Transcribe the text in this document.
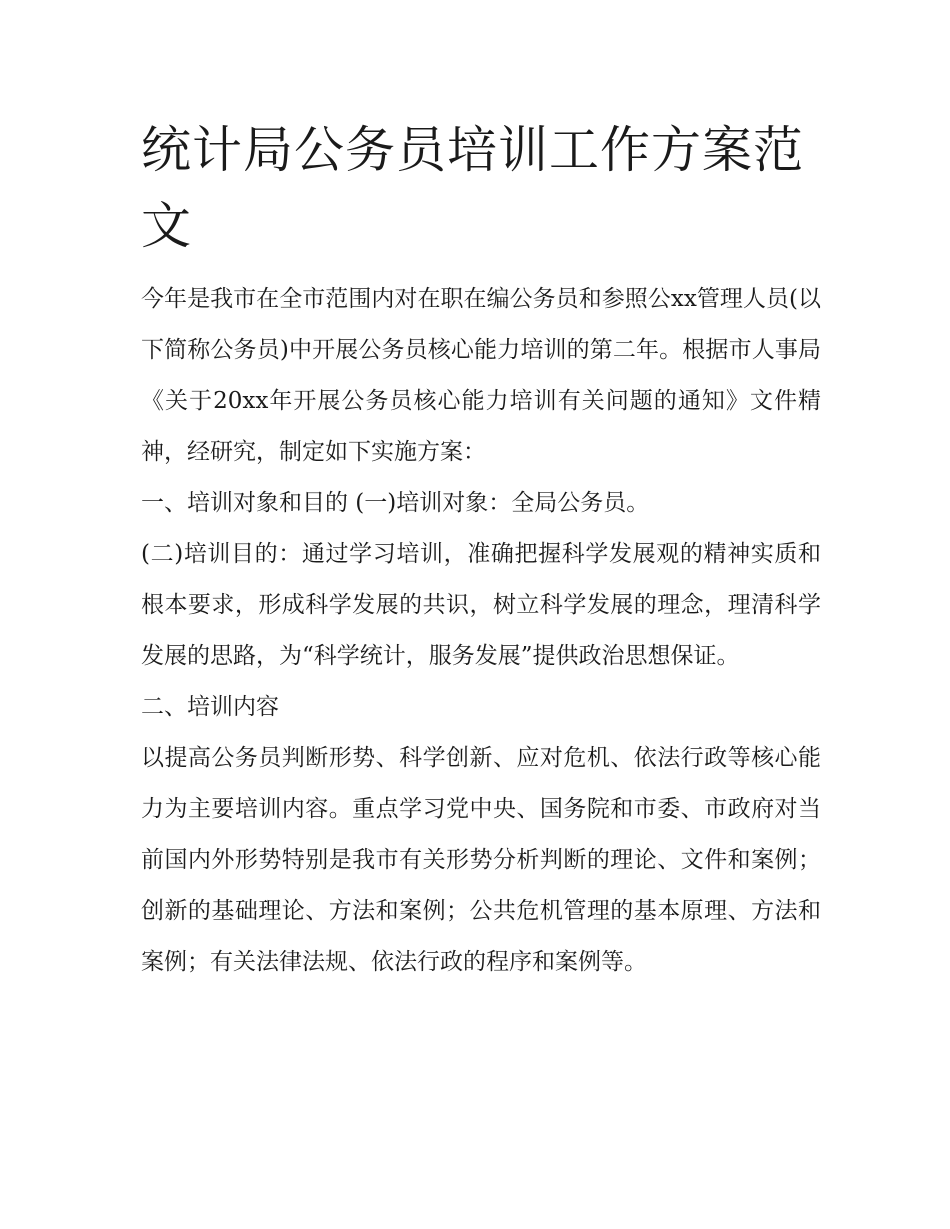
统计局公务员培训工作方案范文

今年是我市在全市范围内对在职在编公务员和参照公xx管理人员(以下简称公务员)中开展公务员核心能力培训的第二年。根据市人事局《关于20xx年开展公务员核心能力培训有关问题的通知》文件精神，经研究，制定如下实施方案：

一、培训对象和目的 (一)培训对象：全局公务员。

(二)培训目的：通过学习培训，准确把握科学发展观的精神实质和根本要求，形成科学发展的共识，树立科学发展的理念，理清科学发展的思路，为“科学统计，服务发展”提供政治思想保证。

二、培训内容

以提高公务员判断形势、科学创新、应对危机、依法行政等核心能力为主要培训内容。重点学习党中央、国务院和市委、市政府对当前国内外形势特别是我市有关形势分析判断的理论、文件和案例；创新的基础理论、方法和案例；公共危机管理的基本原理、方法和案例；有关法律法规、依法行政的程序和案例等。
